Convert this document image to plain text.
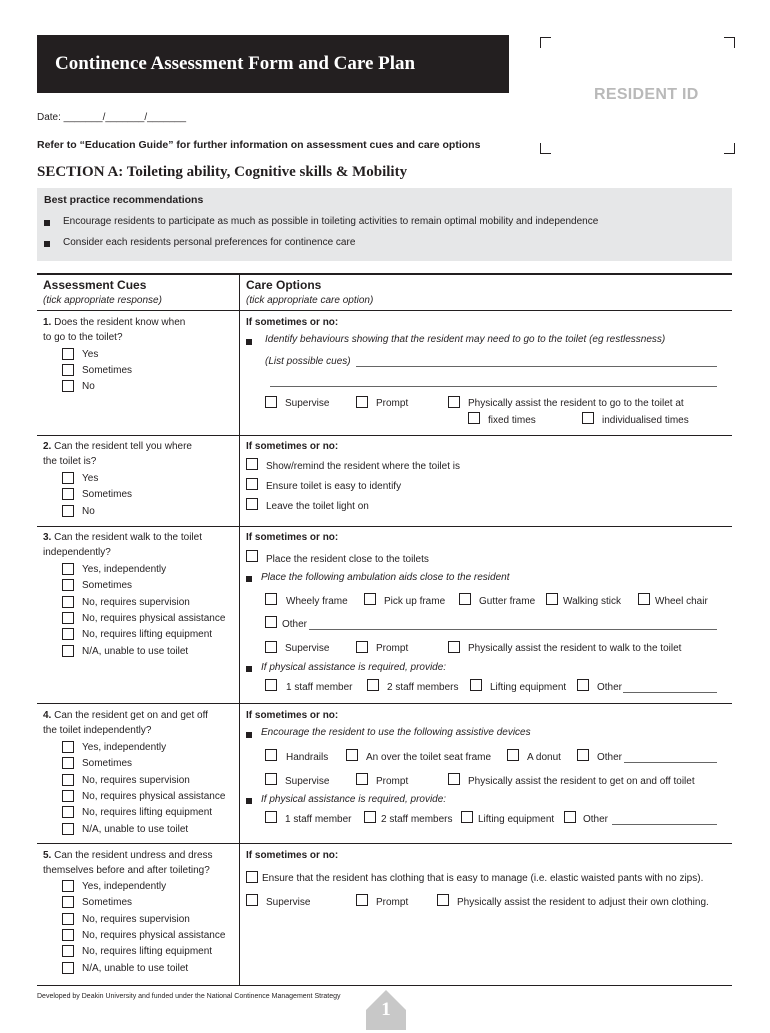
Continence Assessment Form and Care Plan
RESIDENT ID
Date: _______/_______/_______
Refer to “Education Guide” for further information on assessment cues and care options
SECTION A: Toileting ability, Cognitive skills & Mobility
Best practice recommendations
Encourage residents to participate as much as possible in toileting activities to remain optimal mobility and independence
Consider each residents personal preferences for continence care
Assessment Cues
(tick appropriate response)
Care Options
(tick appropriate care option)
1. Does the resident know when
to go to the toilet?
Yes
Sometimes
No
If sometimes or no:
Identify behaviours showing that the resident may need to go to the toilet (eg restlessness)
(List possible cues)
Supervise	Prompt	Physically assist the resident to go to the toilet at
fixed times	individualised times
2. Can the resident tell you where
the toilet is?
Yes
Sometimes
No
If sometimes or no:
Show/remind the resident where the toilet is
Ensure toilet is easy to identify
Leave the toilet light on
3. Can the resident walk to the toilet
independently?
Yes, independently
Sometimes
No, requires supervision
No, requires physical assistance
No, requires lifting equipment
N/A, unable to use toilet
If sometimes or no:
Place the resident close to the toilets
Place the following ambulation aids close to the resident
Wheely frame	Pick up frame	Gutter frame	Walking stick	Wheel chair
Other
Supervise	Prompt	Physically assist the resident to walk to the toilet
If physical assistance is required, provide:
1 staff member	2 staff members	Lifting equipment	Other
4. Can the resident get on and get off
the toilet independently?
Yes, independently
Sometimes
No, requires supervision
No, requires physical assistance
No, requires lifting equipment
N/A, unable to use toilet
If sometimes or no:
Encourage the resident to use the following assistive devices
Handrails	An over the toilet seat frame	A donut	Other
Supervise	Prompt	Physically assist the resident to get on and off toilet
If physical assistance is required, provide:
1 staff member	2 staff members	Lifting equipment	Other
5. Can the resident undress and dress
themselves before and after toileting?
Yes, independently
Sometimes
No, requires supervision
No, requires physical assistance
No, requires lifting equipment
N/A, unable to use toilet
If sometimes or no:
Ensure that the resident has clothing that is easy to manage (i.e. elastic waisted pants with no zips).
Supervise	Prompt	Physically assist the resident to adjust their own clothing.
Developed by Deakin University and funded under the National Continence Management Strategy
1
